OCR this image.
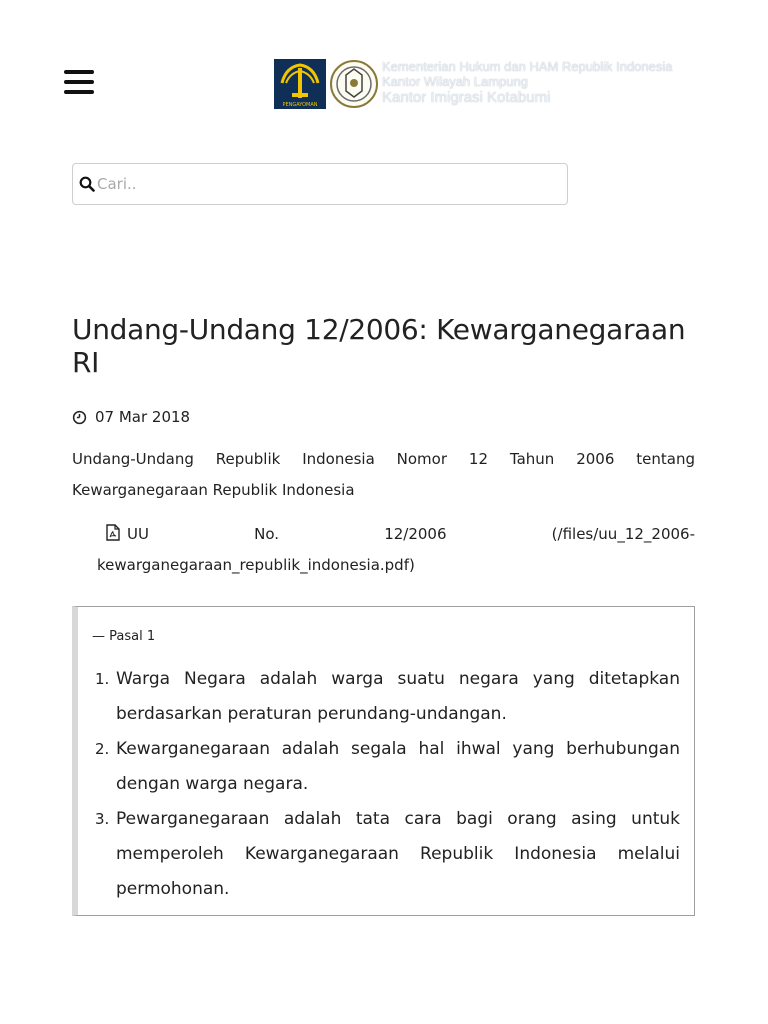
PENGAYOMAN
Kementerian Hukum dan HAM Republik Indonesia
Kantor Wilayah Lampung
Kantor Imigrasi Kotabumi
Cari..
Undang-Undang 12/2006: Kewarganegaraan RI
07 Mar 2018

Undang-Undang Republik Indonesia Nomor 12 Tahun 2006 tentang Kewarganegaraan Republik Indonesia

UU No. 12/2006 (/files/uu_12_2006-kewarganegaraan_republik_indonesia.pdf)
— Pasal 1
1. Warga Negara adalah warga suatu negara yang ditetapkan berdasarkan peraturan perundang-undangan.
2. Kewarganegaraan adalah segala hal ihwal yang berhubungan dengan warga negara.
3. Pewarganegaraan adalah tata cara bagi orang asing untuk memperoleh Kewarganegaraan Republik Indonesia melalui permohonan.
